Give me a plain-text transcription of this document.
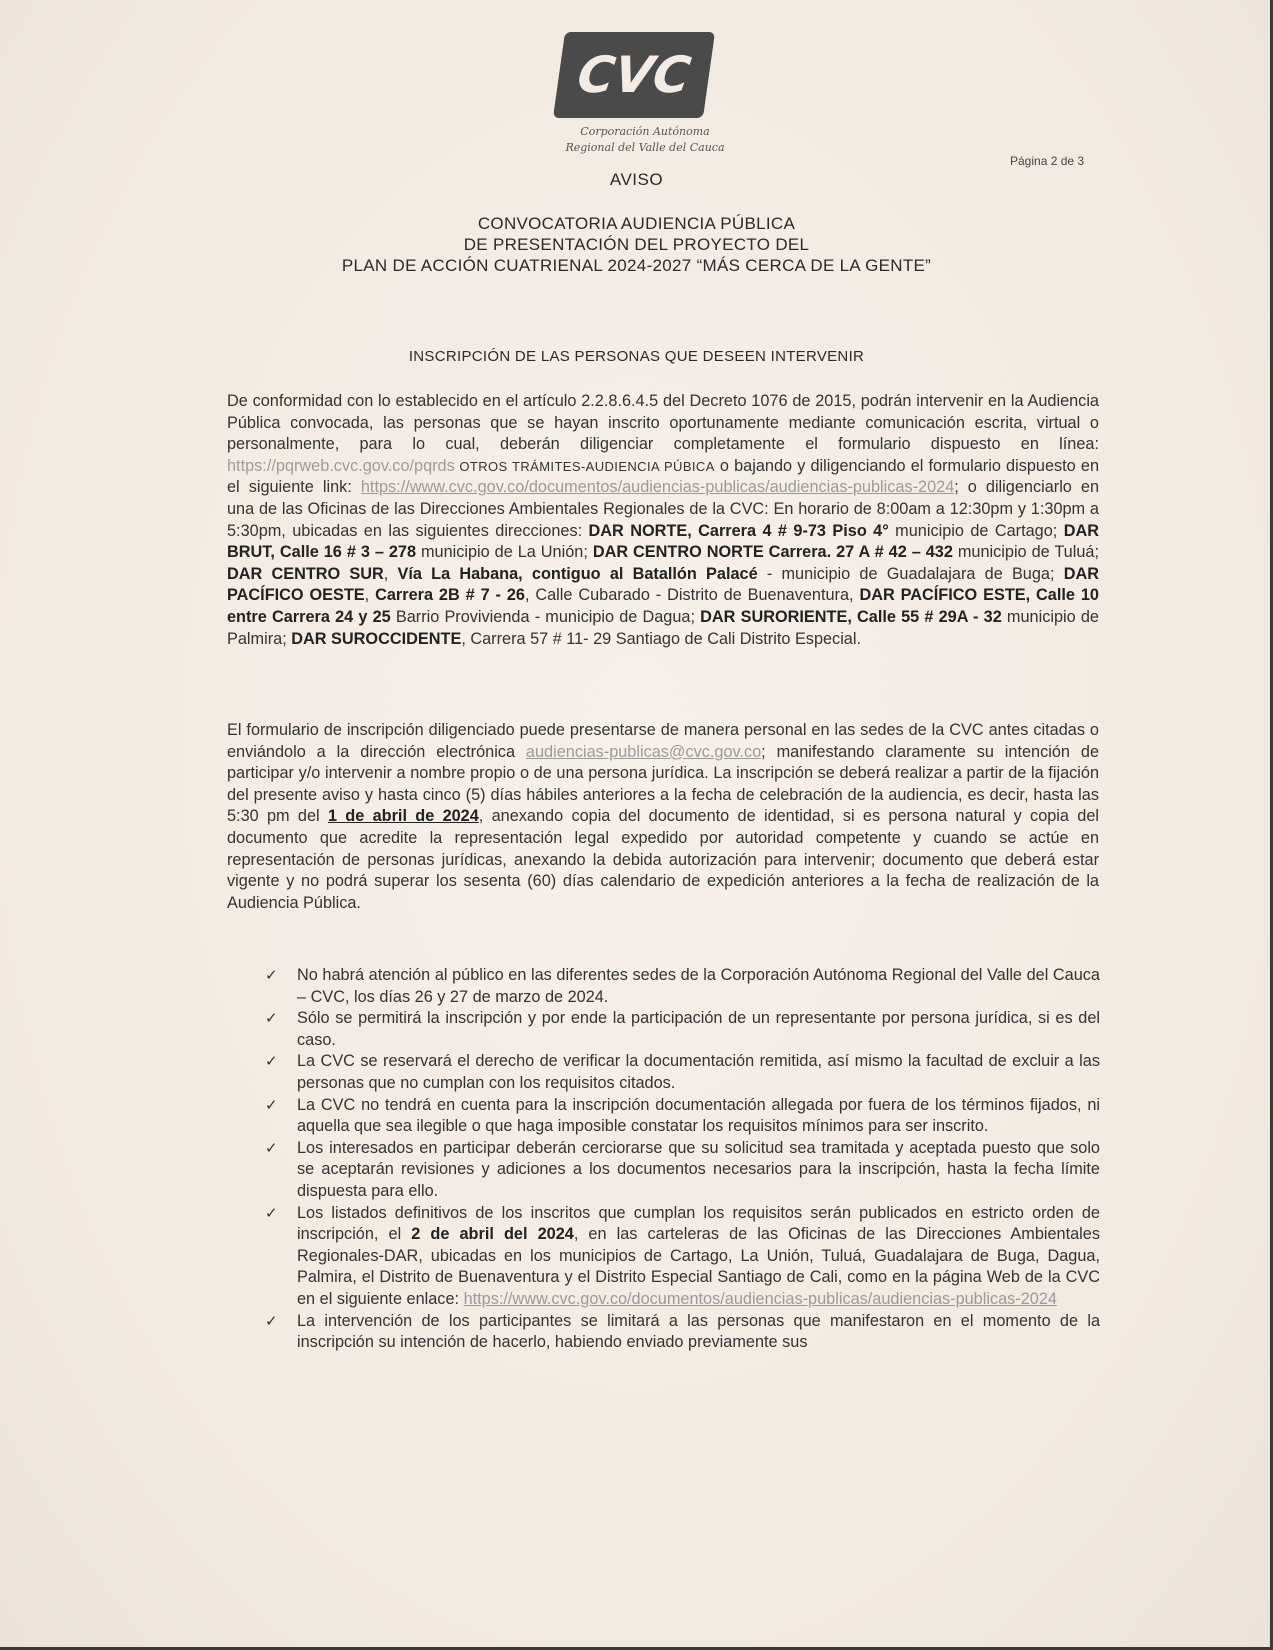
CVC
Corporación Autónoma
Regional del Valle del Cauca
Página 2 de 3
AVISO
CONVOCATORIA AUDIENCIA PÚBLICA
DE PRESENTACIÓN DEL PROYECTO DEL
PLAN DE ACCIÓN CUATRIENAL 2024-2027 “MÁS CERCA DE LA GENTE”
INSCRIPCIÓN DE LAS PERSONAS QUE DESEEN INTERVENIR
De conformidad con lo establecido en el artículo 2.2.8.6.4.5 del Decreto 1076 de 2015, podrán intervenir en la Audiencia Pública convocada, las personas que se hayan inscrito oportunamente mediante comunicación escrita, virtual o personalmente, para lo cual, deberán diligenciar completamente el formulario dispuesto en línea: https://pqrweb.cvc.gov.co/pqrds OTROS TRÁMITES-AUDIENCIA PÚBICA o bajando y diligenciando el formulario dispuesto en el siguiente link: https://www.cvc.gov.co/documentos/audiencias-publicas/audiencias-publicas-2024; o diligenciarlo en una de las Oficinas de las Direcciones Ambientales Regionales de la CVC: En horario de 8:00am a 12:30pm y 1:30pm a 5:30pm, ubicadas en las siguientes direcciones: DAR NORTE, Carrera 4 # 9-73 Piso 4° municipio de Cartago; DAR BRUT, Calle 16 # 3 – 278 municipio de La Unión; DAR CENTRO NORTE Carrera. 27 A # 42 – 432 municipio de Tuluá; DAR CENTRO SUR, Vía La Habana, contiguo al Batallón Palacé - municipio de Guadalajara de Buga; DAR PACÍFICO OESTE, Carrera 2B # 7 - 26, Calle Cubarado - Distrito de Buenaventura, DAR PACÍFICO ESTE, Calle 10 entre Carrera 24 y 25 Barrio Provivienda - municipio de Dagua; DAR SURORIENTE, Calle 55 # 29A - 32 municipio de Palmira; DAR SUROCCIDENTE, Carrera 57 # 11- 29 Santiago de Cali Distrito Especial.
El formulario de inscripción diligenciado puede presentarse de manera personal en las sedes de la CVC antes citadas o enviándolo a la dirección electrónica audiencias-publicas@cvc.gov.co; manifestando claramente su intención de participar y/o intervenir a nombre propio o de una persona jurídica. La inscripción se deberá realizar a partir de la fijación del presente aviso y hasta cinco (5) días hábiles anteriores a la fecha de celebración de la audiencia, es decir, hasta las 5:30 pm del 1 de abril de 2024, anexando copia del documento de identidad, si es persona natural y copia del documento que acredite la representación legal expedido por autoridad competente y cuando se actúe en representación de personas jurídicas, anexando la debida autorización para intervenir; documento que deberá estar vigente y no podrá superar los sesenta (60) días calendario de expedición anteriores a la fecha de realización de la Audiencia Pública.
✓ No habrá atención al público en las diferentes sedes de la Corporación Autónoma Regional del Valle del Cauca – CVC, los días 26 y 27 de marzo de 2024.
✓ Sólo se permitirá la inscripción y por ende la participación de un representante por persona jurídica, si es del caso.
✓ La CVC se reservará el derecho de verificar la documentación remitida, así mismo la facultad de excluir a las personas que no cumplan con los requisitos citados.
✓ La CVC no tendrá en cuenta para la inscripción documentación allegada por fuera de los términos fijados, ni aquella que sea ilegible o que haga imposible constatar los requisitos mínimos para ser inscrito.
✓ Los interesados en participar deberán cerciorarse que su solicitud sea tramitada y aceptada puesto que solo se aceptarán revisiones y adiciones a los documentos necesarios para la inscripción, hasta la fecha límite dispuesta para ello.
✓ Los listados definitivos de los inscritos que cumplan los requisitos serán publicados en estricto orden de inscripción, el 2 de abril del 2024, en las carteleras de las Oficinas de las Direcciones Ambientales Regionales-DAR, ubicadas en los municipios de Cartago, La Unión, Tuluá, Guadalajara de Buga, Dagua, Palmira, el Distrito de Buenaventura y el Distrito Especial Santiago de Cali, como en la página Web de la CVC en el siguiente enlace: https://www.cvc.gov.co/documentos/audiencias-publicas/audiencias-publicas-2024
✓ La intervención de los participantes se limitará a las personas que manifestaron en el momento de la inscripción su intención de hacerlo, habiendo enviado previamente sus
